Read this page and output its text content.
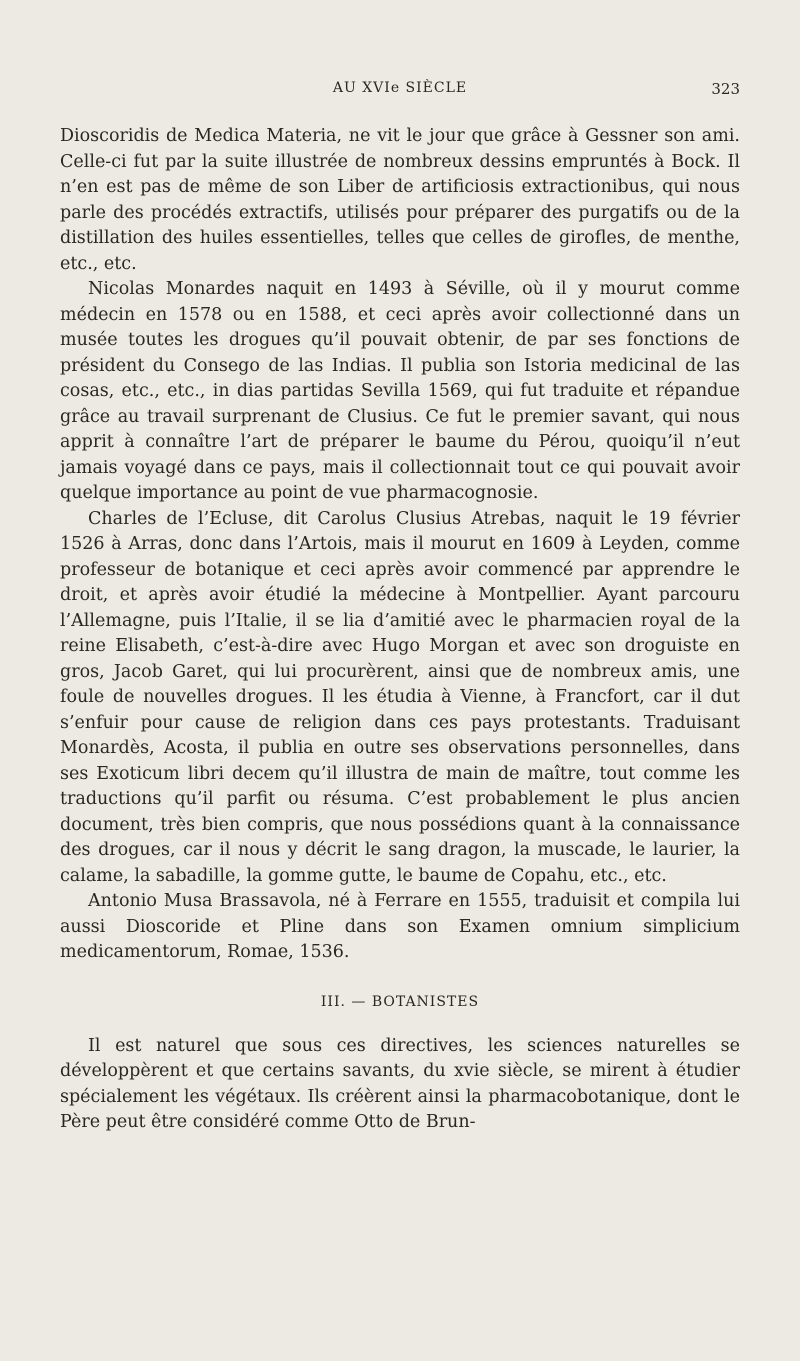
AU XVIe SIÈCLE	323

Dioscoridis de Medica Materia, ne vit le jour que grâce à Gessner son ami. Celle-ci fut par la suite illustrée de nombreux dessins empruntés à Bock. Il n’en est pas de même de son Liber de artificiosis extractionibus, qui nous parle des procédés extractifs, utilisés pour préparer des purgatifs ou de la distillation des huiles essentielles, telles que celles de girofles, de menthe, etc., etc.

Nicolas Monardes naquit en 1493 à Séville, où il y mourut comme médecin en 1578 ou en 1588, et ceci après avoir collectionné dans un musée toutes les drogues qu’il pouvait obtenir, de par ses fonctions de président du Consego de las Indias. Il publia son Istoria medicinal de las cosas, etc., etc., in dias partidas Sevilla 1569, qui fut traduite et répandue grâce au travail surprenant de Clusius. Ce fut le premier savant, qui nous apprit à connaître l’art de préparer le baume du Pérou, quoiqu’il n’eut jamais voyagé dans ce pays, mais il collectionnait tout ce qui pouvait avoir quelque importance au point de vue pharmacognosie.

Charles de l’Ecluse, dit Carolus Clusius Atrebas, naquit le 19 février 1526 à Arras, donc dans l’Artois, mais il mourut en 1609 à Leyden, comme professeur de botanique et ceci après avoir commencé par apprendre le droit, et après avoir étudié la médecine à Montpellier. Ayant parcouru l’Allemagne, puis l’Italie, il se lia d’amitié avec le pharmacien royal de la reine Elisabeth, c’est-à-dire avec Hugo Morgan et avec son droguiste en gros, Jacob Garet, qui lui procurèrent, ainsi que de nombreux amis, une foule de nouvelles drogues. Il les étudia à Vienne, à Francfort, car il dut s’enfuir pour cause de religion dans ces pays protestants. Traduisant Monardès, Acosta, il publia en outre ses observations personnelles, dans ses Exoticum libri decem qu’il illustra de main de maître, tout comme les traductions qu’il parfit ou résuma. C’est probablement le plus ancien document, très bien compris, que nous possédions quant à la connaissance des drogues, car il nous y décrit le sang dragon, la muscade, le laurier, la calame, la sabadille, la gomme gutte, le baume de Copahu, etc., etc.

Antonio Musa Brassavola, né à Ferrare en 1555, traduisit et compila lui aussi Dioscoride et Pline dans son Examen omnium simplicium medicamentorum, Romae, 1536.

III. — BOTANISTES

Il est naturel que sous ces directives, les sciences naturelles se développèrent et que certains savants, du xvie siècle, se mirent à étudier spécialement les végétaux. Ils créèrent ainsi la pharmacobotanique, dont le Père peut être considéré comme Otto de Brun-
